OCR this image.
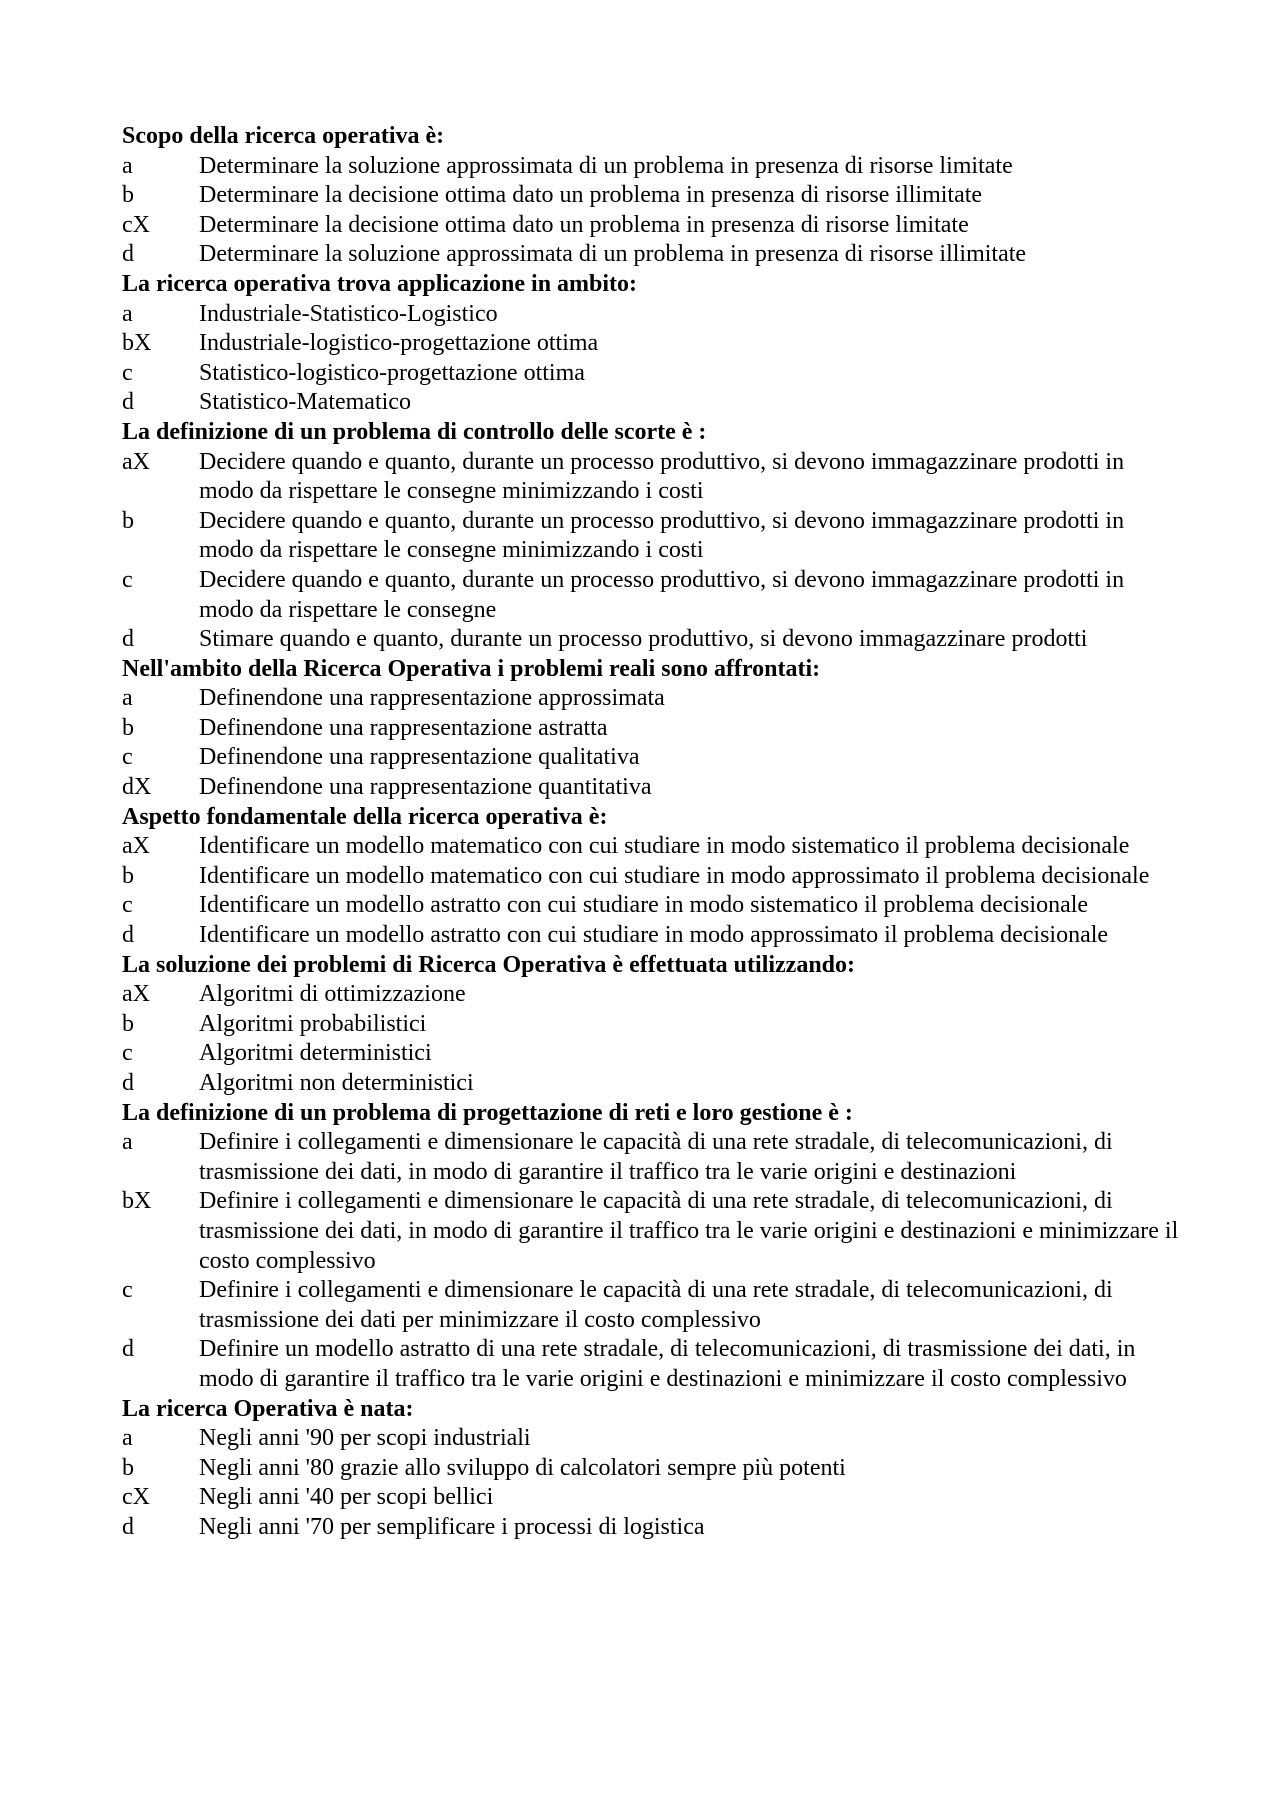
Scopo della ricerca operativa è:
a	Determinare la soluzione approssimata di un problema in presenza di risorse limitate
b	Determinare la decisione ottima dato un problema in presenza di risorse illimitate
cX	Determinare la decisione ottima dato un problema in presenza di risorse limitate
d	Determinare la soluzione approssimata di un problema in presenza di risorse illimitate
La ricerca operativa trova applicazione in ambito:
a	Industriale-Statistico-Logistico
bX	Industriale-logistico-progettazione ottima
c	Statistico-logistico-progettazione ottima
d	Statistico-Matematico
La definizione di un problema di controllo delle scorte è :
aX	Decidere quando e quanto, durante un processo produttivo, si devono immagazzinare prodotti in modo da rispettare le consegne minimizzando i costi
b	Decidere quando e quanto, durante un processo produttivo, si devono immagazzinare prodotti in modo da rispettare le consegne minimizzando i costi
c	Decidere quando e quanto, durante un processo produttivo, si devono immagazzinare prodotti in modo da rispettare le consegne
d	Stimare quando e quanto, durante un processo produttivo, si devono immagazzinare prodotti
Nell'ambito della Ricerca Operativa i problemi reali sono affrontati:
a	Definendone una rappresentazione approssimata
b	Definendone una rappresentazione astratta
c	Definendone una rappresentazione qualitativa
dX	Definendone una rappresentazione quantitativa
Aspetto fondamentale della ricerca operativa è:
aX	Identificare un modello matematico con cui studiare in modo sistematico il problema decisionale
b	Identificare un modello matematico con cui studiare in modo approssimato il problema decisionale
c	Identificare un modello astratto con cui studiare in modo sistematico il problema decisionale
d	Identificare un modello astratto con cui studiare in modo approssimato il problema decisionale
La soluzione dei problemi di Ricerca Operativa è effettuata utilizzando:
aX	Algoritmi di ottimizzazione
b	Algoritmi probabilistici
c	Algoritmi deterministici
d	Algoritmi non deterministici
La definizione di un problema di progettazione di reti e loro gestione è :
a	Definire i collegamenti e dimensionare le capacità di una rete stradale, di telecomunicazioni, di trasmissione dei dati, in modo di garantire il traffico tra le varie origini e destinazioni
bX	Definire i collegamenti e dimensionare le capacità di una rete stradale, di telecomunicazioni, di trasmissione dei dati, in modo di garantire il traffico tra le varie origini e destinazioni e minimizzare il costo complessivo
c	Definire i collegamenti e dimensionare le capacità di una rete stradale, di telecomunicazioni, di trasmissione dei dati per minimizzare il costo complessivo
d	Definire un modello astratto di una rete stradale, di telecomunicazioni, di trasmissione dei dati, in modo di garantire il traffico tra le varie origini e destinazioni e minimizzare il costo complessivo
La ricerca Operativa è nata:
a	Negli anni '90 per scopi industriali
b	Negli anni '80 grazie allo sviluppo di calcolatori sempre più potenti
cX	Negli anni '40 per scopi bellici
d	Negli anni '70 per semplificare i processi di logistica
